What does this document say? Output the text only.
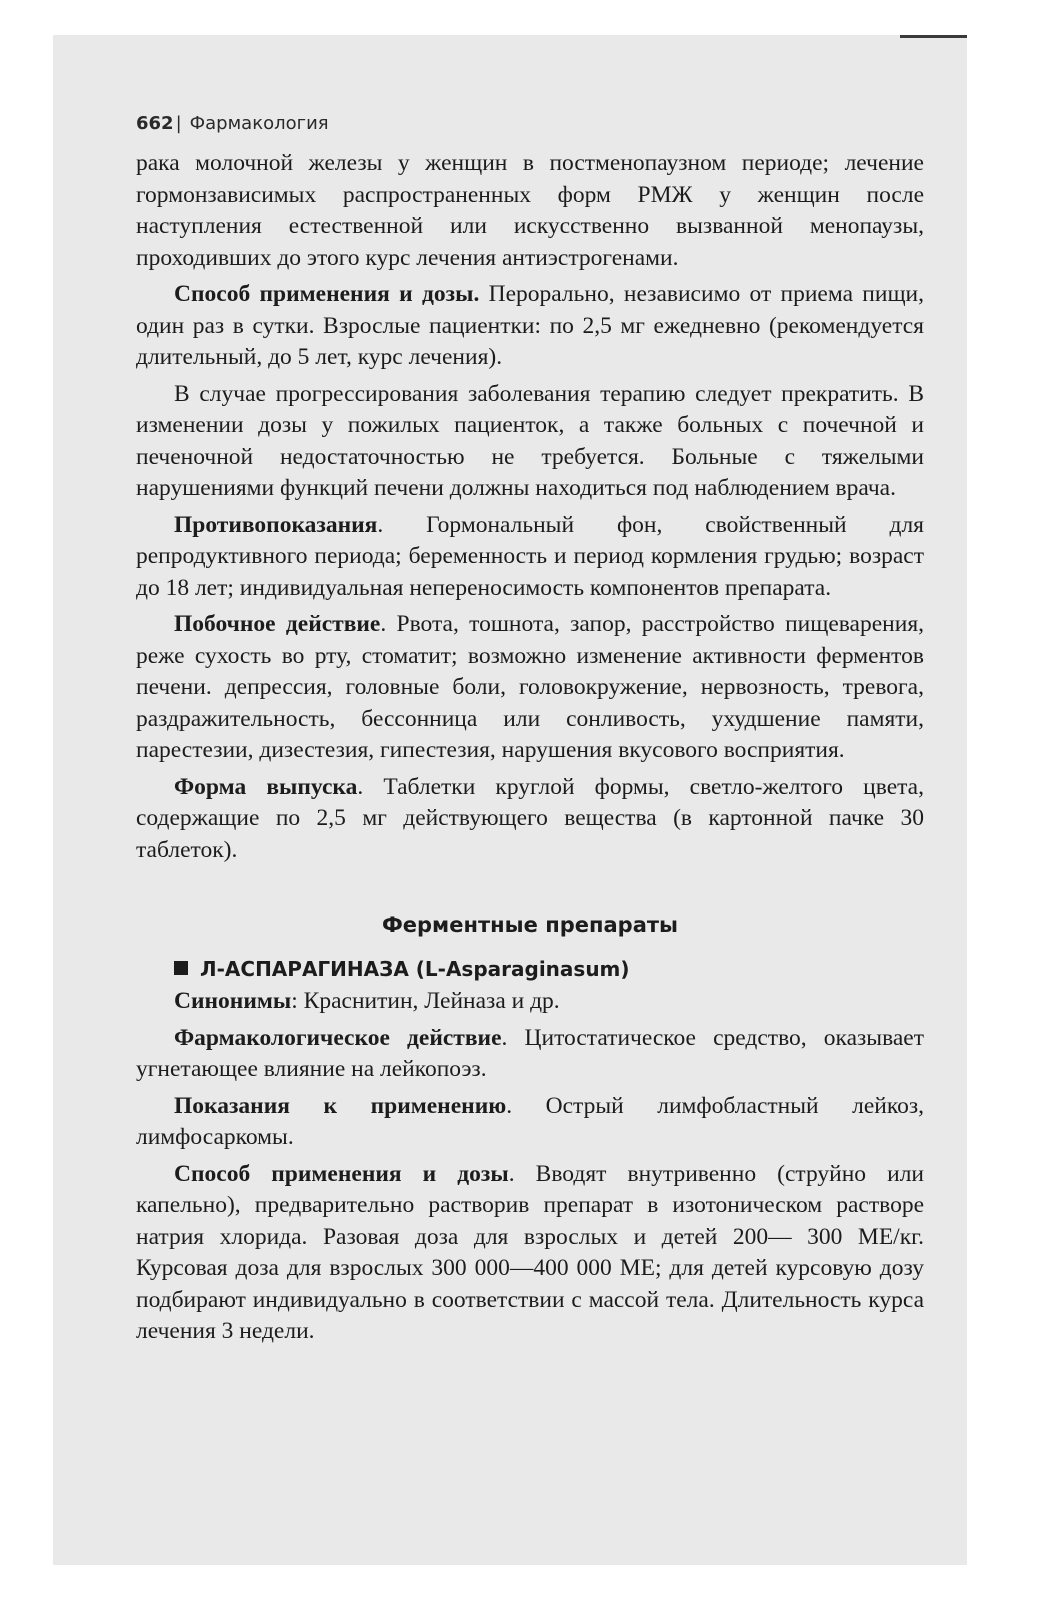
662 | Фармакология

рака молочной железы у женщин в постменопаузном периоде; лечение гормонзависимых распространенных форм РМЖ у женщин после наступления естественной или искусственно вызванной менопаузы, проходивших до этого курс лечения антиэстрогенами.

Способ применения и дозы. Перорально, независимо от приема пищи, один раз в сутки. Взрослые пациентки: по 2,5 мг ежедневно (рекомендуется длительный, до 5 лет, курс лечения).

В случае прогрессирования заболевания терапию следует прекратить. В изменении дозы у пожилых пациенток, а также больных с почечной и печеночной недостаточностью не требуется. Больные с тяжелыми нарушениями функций печени должны находиться под наблюдением врача.

Противопоказания. Гормональный фон, свойственный для репродуктивного периода; беременность и период кормления грудью; возраст до 18 лет; индивидуальная непереносимость компонентов препарата.

Побочное действие. Рвота, тошнота, запор, расстройство пищеварения, реже сухость во рту, стоматит; возможно изменение активности ферментов печени. депрессия, головные боли, головокружение, нервозность, тревога, раздражительность, бессонница или сонливость, ухудшение памяти, парестезии, дизестезия, гипестезия, нарушения вкусового восприятия.

Форма выпуска. Таблетки круглой формы, светло-желтого цвета, содержащие по 2,5 мг действующего вещества (в картонной пачке 30 таблеток).

Ферментные препараты
Л-АСПАРАГИНАЗА (L-Asparaginasum)

Синонимы: Краснитин, Лейназа и др.

Фармакологическое действие. Цитостатическое средство, оказывает угнетающее влияние на лейкопоэз.

Показания к применению. Острый лимфобластный лейкоз, лимфосаркомы.

Способ применения и дозы. Вводят внутривенно (струйно или капельно), предварительно растворив препарат в изотоническом растворе натрия хлорида. Разовая доза для взрослых и детей 200— 300 МЕ/кг. Курсовая доза для взрослых 300 000—400 000 МЕ; для детей курсовую дозу подбирают индивидуально в соответствии с массой тела. Длительность курса лечения 3 недели.
